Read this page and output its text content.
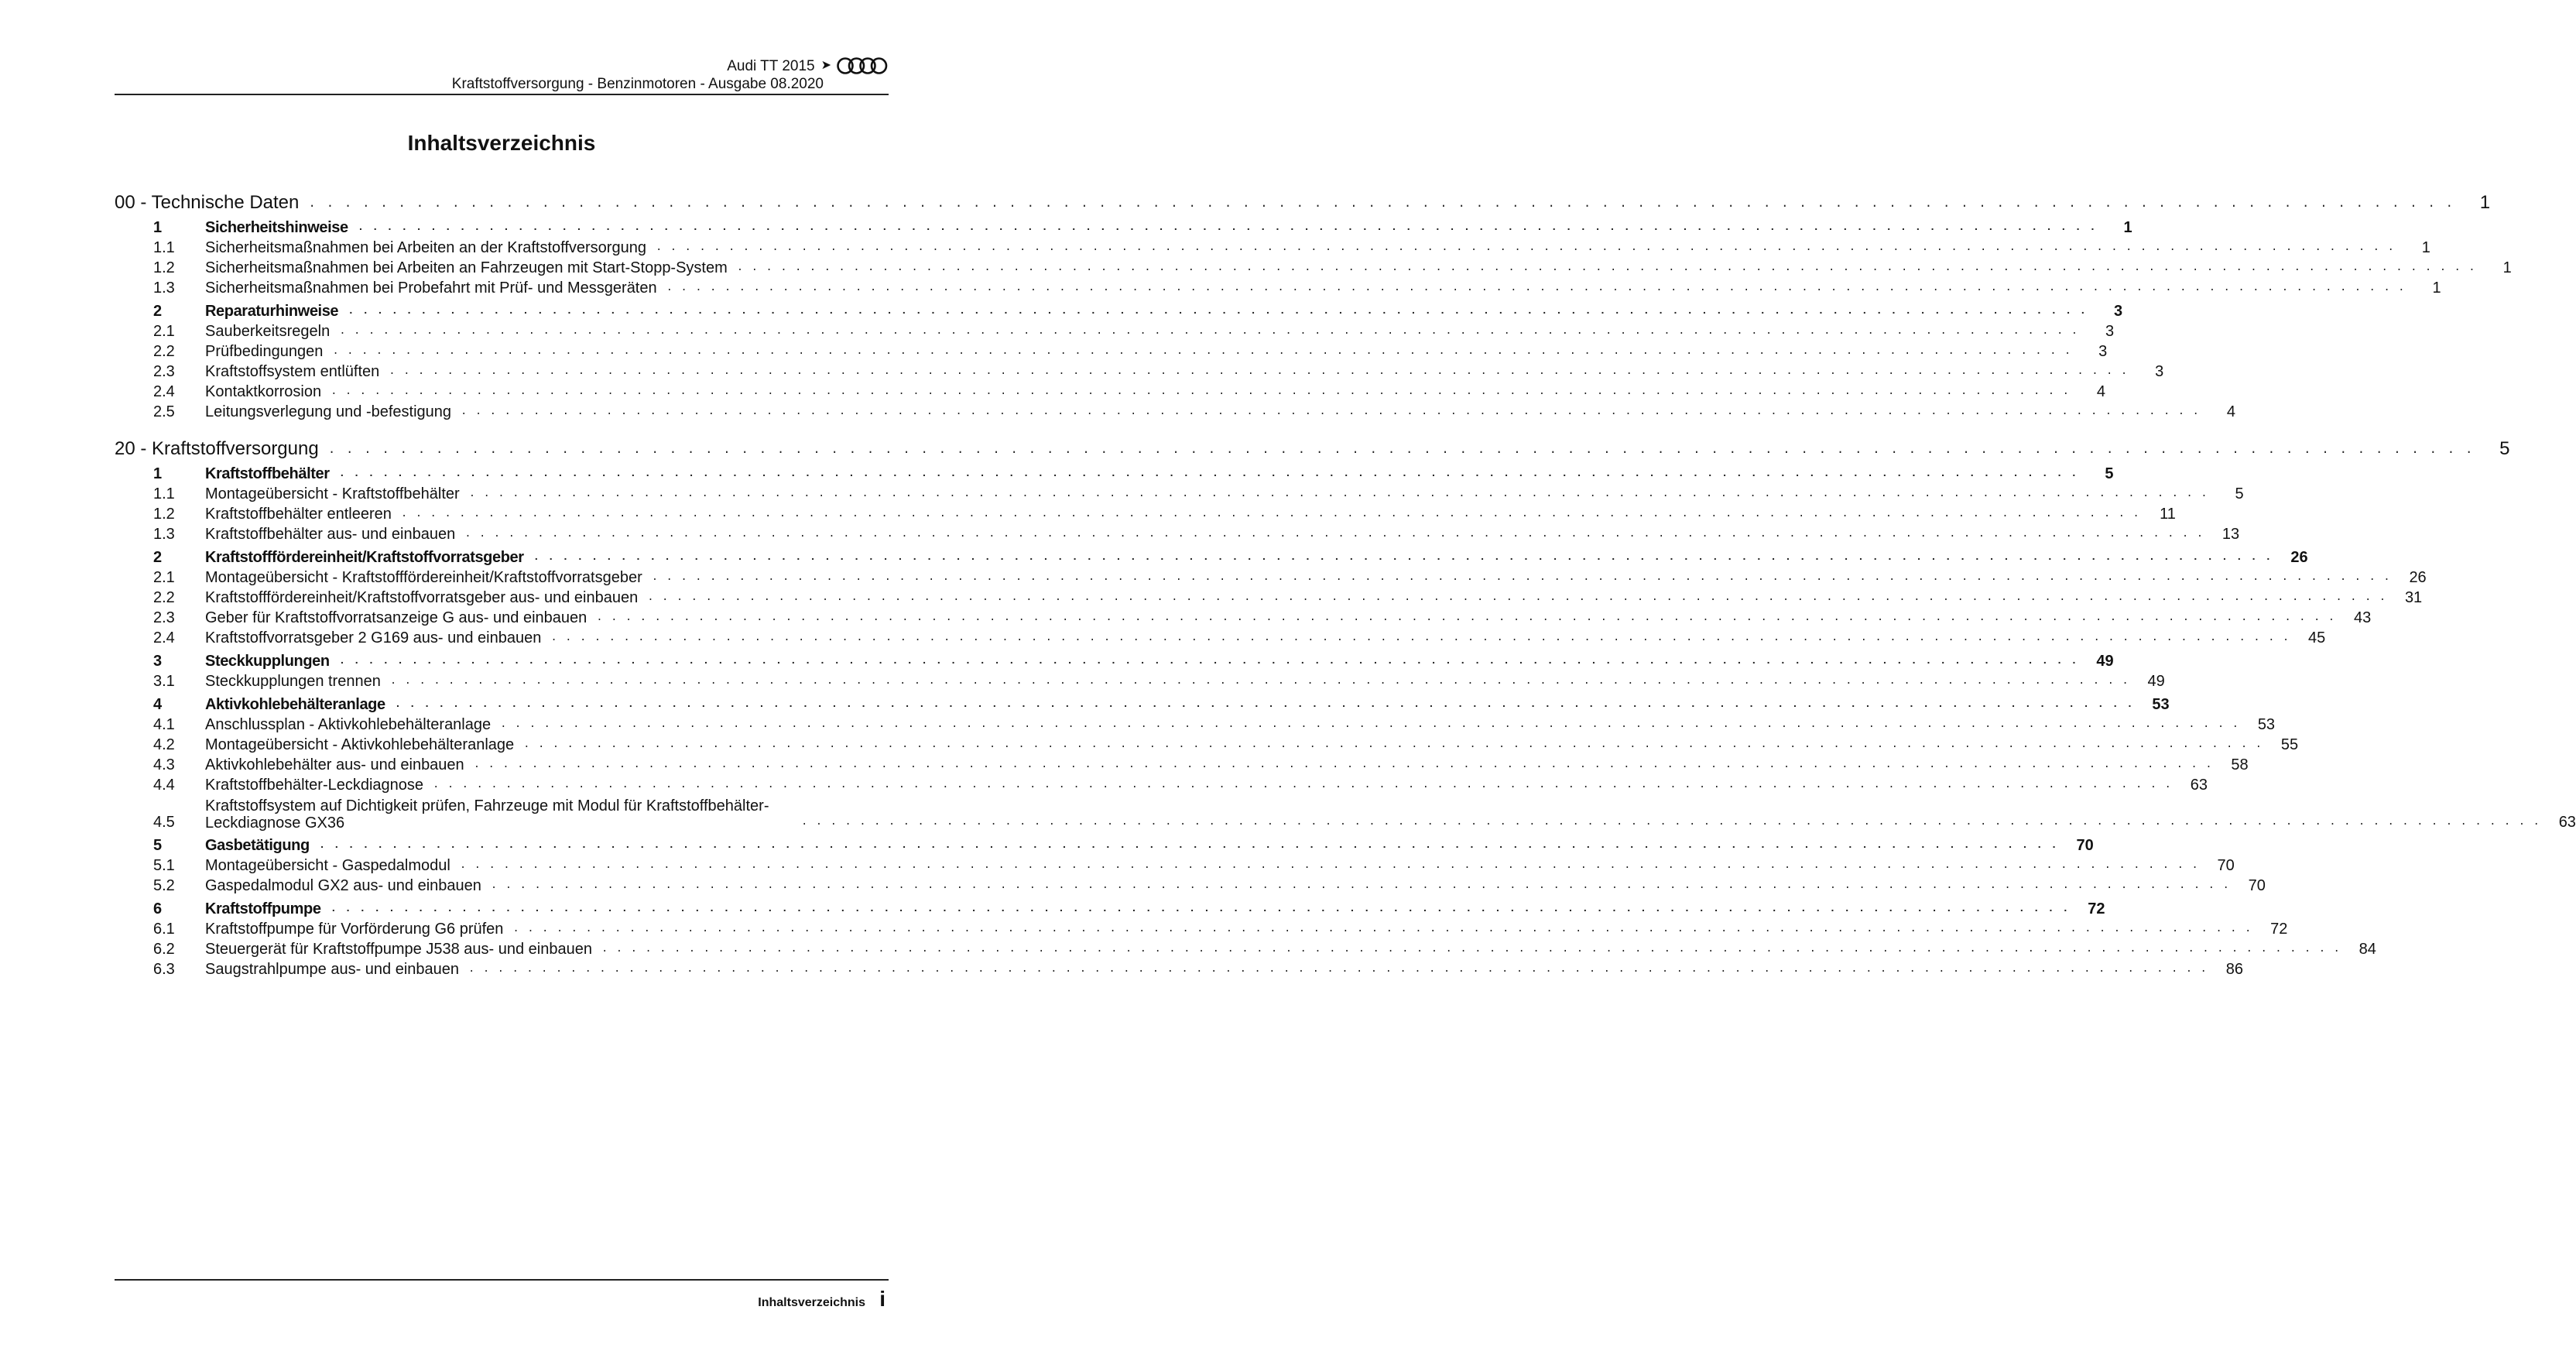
Audi TT 2015 ➤
Kraftstoffversorgung - Benzinmotoren - Ausgabe 08.2020
Inhaltsverzeichnis
00 - Technische Daten . . . . . . . . . . . . . . . . . . . . . . . . . . . . . . . . . . . . . . . . . . . . . . . . . . . . . . . . . . . . . . . . . . . . . . . . . . . . . . . . . . . . . . . . . . . . . . . . . . . . . . . . . . . . . . . . . . . . . . . .	1
1	Sicherheitshinweise . . . . . . . . . . . . . . . . . . . . . . . . . . . . . . . . . . . . . . . . . . . . . . . . . . . . . . . . . . . . . . . . . . . . . . . . . . . . . . . . . . . . . . . . . . . . . . . . . . . . . . . . . . . . . . . . . . . . . . . .	1
1.1	Sicherheitsmaßnahmen bei Arbeiten an der Kraftstoffversorgung . . . . . . . . . . . . . . . . . . . . . . . . . . . . . . . . . . . . . . . . . . . . . . . . . . . . . . . . . . . . . . . . . . . . . . . . . . . . . . . . . . . . . . . . . . . . . . . . . . . . . . . . . . . . . . . . . . . . . . . .	1
1.2	Sicherheitsmaßnahmen bei Arbeiten an Fahrzeugen mit Start-Stopp-System . . . . . . . . . . . . . . . . . . . . . . . . . . . . . . . . . . . . . . . . . . . . . . . . . . . . . . . . . . . . . . . . . . . . . . . . . . . . . . . . . . . . . . . . . . . . . . . . . . . . . . . . . . . . . . . . . . . . . . . .	1
1.3	Sicherheitsmaßnahmen bei Probefahrt mit Prüf- und Messgeräten . . . . . . . . . . . . . . . . . . . . . . . . . . . . . . . . . . . . . . . . . . . . . . . . . . . . . . . . . . . . . . . . . . . . . . . . . . . . . . . . . . . . . . . . . . . . . . . . . . . . . . . . . . . . . . . . . . . . . . . .	1
2	Reparaturhinweise . . . . . . . . . . . . . . . . . . . . . . . . . . . . . . . . . . . . . . . . . . . . . . . . . . . . . . . . . . . . . . . . . . . . . . . . . . . . . . . . . . . . . . . . . . . . . . . . . . . . . . . . . . . . . . . . . . . . . . . .	3
2.1	Sauberkeitsregeln . . . . . . . . . . . . . . . . . . . . . . . . . . . . . . . . . . . . . . . . . . . . . . . . . . . . . . . . . . . . . . . . . . . . . . . . . . . . . . . . . . . . . . . . . . . . . . . . . . . . . . . . . . . . . . . . . . . . . . . .	3
2.2	Prüfbedingungen . . . . . . . . . . . . . . . . . . . . . . . . . . . . . . . . . . . . . . . . . . . . . . . . . . . . . . . . . . . . . . . . . . . . . . . . . . . . . . . . . . . . . . . . . . . . . . . . . . . . . . . . . . . . . . . . . . . . . . . .	3
2.3	Kraftstoffsystem entlüften . . . . . . . . . . . . . . . . . . . . . . . . . . . . . . . . . . . . . . . . . . . . . . . . . . . . . . . . . . . . . . . . . . . . . . . . . . . . . . . . . . . . . . . . . . . . . . . . . . . . . . . . . . . . . . . . . . . . . . . .	3
2.4	Kontaktkorrosion . . . . . . . . . . . . . . . . . . . . . . . . . . . . . . . . . . . . . . . . . . . . . . . . . . . . . . . . . . . . . . . . . . . . . . . . . . . . . . . . . . . . . . . . . . . . . . . . . . . . . . . . . . . . . . . . . . . . . . . .	4
2.5	Leitungsverlegung und -befestigung . . . . . . . . . . . . . . . . . . . . . . . . . . . . . . . . . . . . . . . . . . . . . . . . . . . . . . . . . . . . . . . . . . . . . . . . . . . . . . . . . . . . . . . . . . . . . . . . . . . . . . . . . . . . . . . . . . . . . . . .	4
20 - Kraftstoffversorgung . . . . . . . . . . . . . . . . . . . . . . . . . . . . . . . . . . . . . . . . . . . . . . . . . . . . . . . . . . . . . . . . . . . . . . . . . . . . . . . . . . . . . . . . . . . . . . . . . . . . . . . . . . . . . . . . . . . . . . . .	5
1	Kraftstoffbehälter . . . . . . . . . . . . . . . . . . . . . . . . . . . . . . . . . . . . . . . . . . . . . . . . . . . . . . . . . . . . . . . . . . . . . . . . . . . . . . . . . . . . . . . . . . . . . . . . . . . . . . . . . . . . . . . . . . . . . . . .	5
1.1	Montageübersicht - Kraftstoffbehälter . . . . . . . . . . . . . . . . . . . . . . . . . . . . . . . . . . . . . . . . . . . . . . . . . . . . . . . . . . . . . . . . . . . . . . . . . . . . . . . . . . . . . . . . . . . . . . . . . . . . . . . . . . . . . . . . . . . . . . . .	5
1.2	Kraftstoffbehälter entleeren . . . . . . . . . . . . . . . . . . . . . . . . . . . . . . . . . . . . . . . . . . . . . . . . . . . . . . . . . . . . . . . . . . . . . . . . . . . . . . . . . . . . . . . . . . . . . . . . . . . . . . . . . . . . . . . . . . . . . . . .	11
1.3	Kraftstoffbehälter aus- und einbauen . . . . . . . . . . . . . . . . . . . . . . . . . . . . . . . . . . . . . . . . . . . . . . . . . . . . . . . . . . . . . . . . . . . . . . . . . . . . . . . . . . . . . . . . . . . . . . . . . . . . . . . . . . . . . . . . . . . . . . . .	13
2	Kraftstofffördereinheit/Kraftstoffvorratsgeber . . . . . . . . . . . . . . . . . . . . . . . . . . . . . . . . . . . . . . . . . . . . . . . . . . . . . . . . . . . . . . . . . . . . . . . . . . . . . . . . . . . . . . . . . . . . . . . . . . . . . . . . . . . . . . . . . . . . . . . .	26
2.1	Montageübersicht - Kraftstofffördereinheit/Kraftstoffvorratsgeber . . . . . . . . . . . . . . . . . . . . . . . . . . . . . . . . . . . . . . . . . . . . . . . . . . . . . . . . . . . . . . . . . . . . . . . . . . . . . . . . . . . . . . . . . . . . . . . . . . . . . . . . . . . . . . . . . . . . . . . .	26
2.2	Kraftstofffördereinheit/Kraftstoffvorratsgeber aus- und einbauen . . . . . . . . . . . . . . . . . . . . . . . . . . . . . . . . . . . . . . . . . . . . . . . . . . . . . . . . . . . . . . . . . . . . . . . . . . . . . . . . . . . . . . . . . . . . . . . . . . . . . . . . . . . . . . . . . . . . . . . .	31
2.3	Geber für Kraftstoffvorratsanzeige G aus- und einbauen . . . . . . . . . . . . . . . . . . . . . . . . . . . . . . . . . . . . . . . . . . . . . . . . . . . . . . . . . . . . . . . . . . . . . . . . . . . . . . . . . . . . . . . . . . . . . . . . . . . . . . . . . . . . . . . . . . . . . . . .	43
2.4	Kraftstoffvorratsgeber 2 G169 aus- und einbauen . . . . . . . . . . . . . . . . . . . . . . . . . . . . . . . . . . . . . . . . . . . . . . . . . . . . . . . . . . . . . . . . . . . . . . . . . . . . . . . . . . . . . . . . . . . . . . . . . . . . . . . . . . . . . . . . . . . . . . . .	45
3	Steckkupplungen . . . . . . . . . . . . . . . . . . . . . . . . . . . . . . . . . . . . . . . . . . . . . . . . . . . . . . . . . . . . . . . . . . . . . . . . . . . . . . . . . . . . . . . . . . . . . . . . . . . . . . . . . . . . . . . . . . . . . . . .	49
3.1	Steckkupplungen trennen . . . . . . . . . . . . . . . . . . . . . . . . . . . . . . . . . . . . . . . . . . . . . . . . . . . . . . . . . . . . . . . . . . . . . . . . . . . . . . . . . . . . . . . . . . . . . . . . . . . . . . . . . . . . . . . . . . . . . . . .	49
4	Aktivkohlebehälteranlage . . . . . . . . . . . . . . . . . . . . . . . . . . . . . . . . . . . . . . . . . . . . . . . . . . . . . . . . . . . . . . . . . . . . . . . . . . . . . . . . . . . . . . . . . . . . . . . . . . . . . . . . . . . . . . . . . . . . . . . .	53
4.1	Anschlussplan - Aktivkohlebehälteranlage . . . . . . . . . . . . . . . . . . . . . . . . . . . . . . . . . . . . . . . . . . . . . . . . . . . . . . . . . . . . . . . . . . . . . . . . . . . . . . . . . . . . . . . . . . . . . . . . . . . . . . . . . . . . . . . . . . . . . . . .	53
4.2	Montageübersicht - Aktivkohlebehälteranlage . . . . . . . . . . . . . . . . . . . . . . . . . . . . . . . . . . . . . . . . . . . . . . . . . . . . . . . . . . . . . . . . . . . . . . . . . . . . . . . . . . . . . . . . . . . . . . . . . . . . . . . . . . . . . . . . . . . . . . . .	55
4.3	Aktivkohlebehälter aus- und einbauen . . . . . . . . . . . . . . . . . . . . . . . . . . . . . . . . . . . . . . . . . . . . . . . . . . . . . . . . . . . . . . . . . . . . . . . . . . . . . . . . . . . . . . . . . . . . . . . . . . . . . . . . . . . . . . . . . . . . . . . .	58
4.4	Kraftstoffbehälter-Leckdiagnose . . . . . . . . . . . . . . . . . . . . . . . . . . . . . . . . . . . . . . . . . . . . . . . . . . . . . . . . . . . . . . . . . . . . . . . . . . . . . . . . . . . . . . . . . . . . . . . . . . . . . . . . . . . . . . . . . . . . . . . .	63
4.5
Kraftstoffsystem auf Dichtigkeit prüfen, Fahrzeuge mit Modul für Kraftstoffbehälter-Leckdiagnose GX36	. . . . . . . . . . . . . . . . . . . . . . . . . . . . . . . . . . . . . . . . . . . . . . . . . . . . . . . . . . . . . . . . . . . . . . . . . . . . . . . . . . . . . . . . . . . . . . . . . . . . . . . . . . . . . . . . . . . . . . . .	63
5	Gasbetätigung . . . . . . . . . . . . . . . . . . . . . . . . . . . . . . . . . . . . . . . . . . . . . . . . . . . . . . . . . . . . . . . . . . . . . . . . . . . . . . . . . . . . . . . . . . . . . . . . . . . . . . . . . . . . . . . . . . . . . . . .	70
5.1	Montageübersicht - Gaspedalmodul . . . . . . . . . . . . . . . . . . . . . . . . . . . . . . . . . . . . . . . . . . . . . . . . . . . . . . . . . . . . . . . . . . . . . . . . . . . . . . . . . . . . . . . . . . . . . . . . . . . . . . . . . . . . . . . . . . . . . . . .	70
5.2	Gaspedalmodul GX2 aus- und einbauen . . . . . . . . . . . . . . . . . . . . . . . . . . . . . . . . . . . . . . . . . . . . . . . . . . . . . . . . . . . . . . . . . . . . . . . . . . . . . . . . . . . . . . . . . . . . . . . . . . . . . . . . . . . . . . . . . . . . . . . .	70
6	Kraftstoffpumpe . . . . . . . . . . . . . . . . . . . . . . . . . . . . . . . . . . . . . . . . . . . . . . . . . . . . . . . . . . . . . . . . . . . . . . . . . . . . . . . . . . . . . . . . . . . . . . . . . . . . . . . . . . . . . . . . . . . . . . . .	72
6.1	Kraftstoffpumpe für Vorförderung G6 prüfen . . . . . . . . . . . . . . . . . . . . . . . . . . . . . . . . . . . . . . . . . . . . . . . . . . . . . . . . . . . . . . . . . . . . . . . . . . . . . . . . . . . . . . . . . . . . . . . . . . . . . . . . . . . . . . . . . . . . . . . .	72
6.2	Steuergerät für Kraftstoffpumpe J538 aus- und einbauen . . . . . . . . . . . . . . . . . . . . . . . . . . . . . . . . . . . . . . . . . . . . . . . . . . . . . . . . . . . . . . . . . . . . . . . . . . . . . . . . . . . . . . . . . . . . . . . . . . . . . . . . . . . . . . . . . . . . . . . .	84
6.3	Saugstrahlpumpe aus- und einbauen . . . . . . . . . . . . . . . . . . . . . . . . . . . . . . . . . . . . . . . . . . . . . . . . . . . . . . . . . . . . . . . . . . . . . . . . . . . . . . . . . . . . . . . . . . . . . . . . . . . . . . . . . . . . . . . . . . . . . . . .	86
Inhaltsverzeichnis i
